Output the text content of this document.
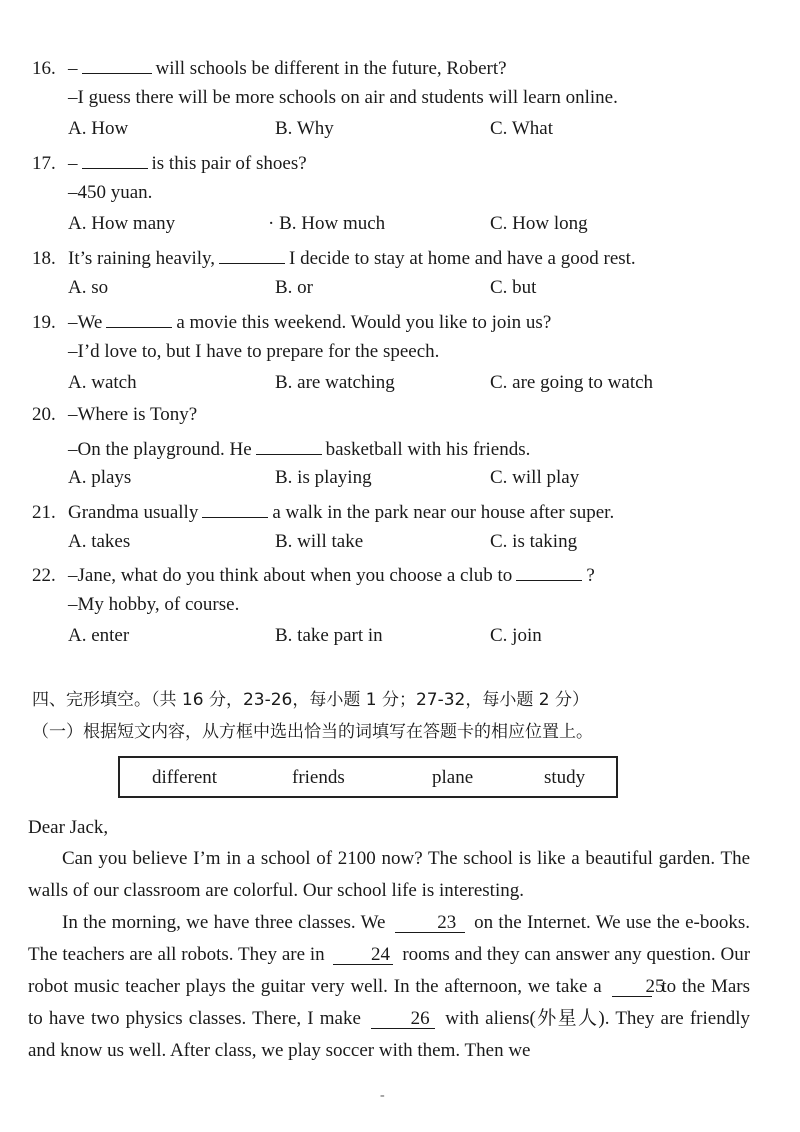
16. –	will schools be different in the future, Robert?
–I guess there will be more schools on air and students will learn online.
A. How	B. Why	C. What
17. –	is this pair of shoes?
–450 yuan.
A. How many	· B. How much	C. How long
18. It’s raining heavily,	I decide to stay at home and have a good rest.
A. so	B. or	C. but
19. –We	a movie this weekend. Would you like to join us?
–I’d love to, but I have to prepare for the speech.
A. watch	B. are watching	C. are going to watch
20. –Where is Tony?
–On the playground. He	basketball with his friends.
A. plays	B. is playing	C. will play
21. Grandma usually	a walk in the park near our house after super.
A. takes	B. will take	C. is taking
22. –Jane, what do you think about when you choose a club to	?
–My hobby, of course.
A. enter	B. take part in	C. join
四、完形填空。（共 16 分，23-26，每小题 1 分；27-32，每小题 2 分）
（一）根据短文内容，从方框中选出恰当的词填写在答题卡的相应位置上。
different	friends	plane	study
Dear Jack,
Can you believe I’m in a school of 2100 now? The school is like a beautiful garden. The walls of our classroom are colorful. Our school life is interesting.
In the morning, we have three classes. We	23 on the Internet. We use the e-books. The teachers are all robots. They are in 24 rooms and they can answer any question. Our robot music teacher plays the guitar very well. In the afternoon, we take a 25 to the Mars to have two physics classes. There, I make	26 with aliens(外星人). They are friendly and know us well. After class, we play soccer with them. Then we
-
